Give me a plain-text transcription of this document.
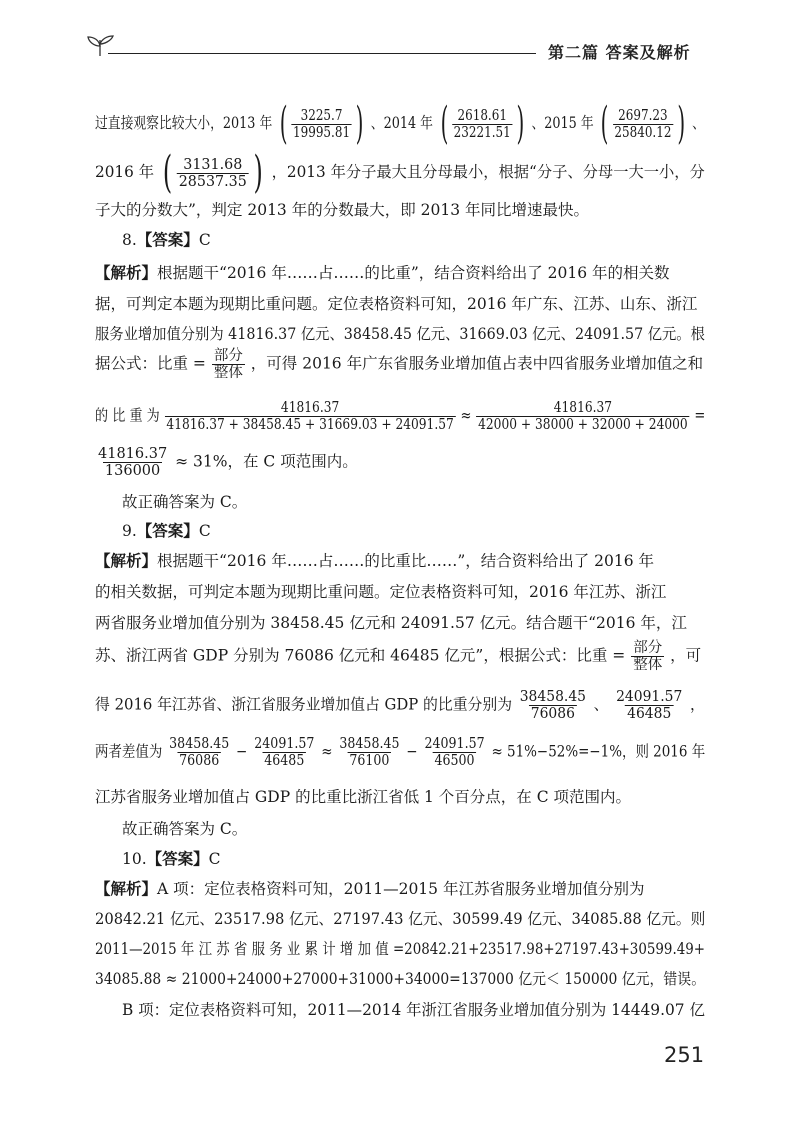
第二篇 答案及解析
过直接观察比较大小，2013 年 ( $\frac{3225.7}{19995.81}$ ) 、2014 年 ( $\frac{2618.61}{23221.51}$ ) 、2015 年 ( $\frac{2697.23}{25840.12}$ ) 、
2016 年 ( $\frac{3131.68}{28537.35}$ ) ，2013 年分子最大且分母最小，根据“分子、分母一大一小，分
子大的分数大”，判定 2013 年的分数最大，即 2013 年同比增速最快。
8.【答案】C
【解析】根据题干“2016 年……占……的比重”，结合资料给出了 2016 年的相关数
据，可判定本题为现期比重问题。定位表格资料可知，2016 年广东、江苏、山东、浙江
服务业增加值分别为 41816.37 亿元、38458.45 亿元、31669.03 亿元、24091.57 亿元。根
据公式：比重 = $\frac{\text{部分}}{\text{整体}}$ ，可得 2016 年广东省服务业增加值占表中四省服务业增加值之和
的 比 重 为 $\frac{41816.37}{41816.37 + 38458.45 + 31669.03 + 24091.57} \approx \frac{41816.37}{42000 + 38000 + 32000 + 24000}$ =
$\frac{41816.37}{136000} \approx 31\%$，在 C 项范围内。
故正确答案为 C。
9.【答案】C
【解析】根据题干“2016 年……占……的比重比……”，结合资料给出了 2016 年
的相关数据，可判定本题为现期比重问题。定位表格资料可知，2016 年江苏、浙江
两省服务业增加值分别为 38458.45 亿元和 24091.57 亿元。结合题干“2016 年，江
苏、浙江两省 GDP 分别为 76086 亿元和 46485 亿元”，根据公式：比重 = $\frac{\text{部分}}{\text{整体}}$ ，可
得 2016 年江苏省、浙江省服务业增加值占 GDP 的比重分别为 $\frac{38458.45}{76086}$ 、 $\frac{24091.57}{46485}$ ，
两者差值为 $\frac{38458.45}{76086} - \frac{24091.57}{46485} \approx \frac{38458.45}{76100} - \frac{24091.57}{46500} \approx 51\%-52\%=-1\%$，则 2016 年
江苏省服务业增加值占 GDP 的比重比浙江省低 1 个百分点，在 C 项范围内。
故正确答案为 C。
10.【答案】C
【解析】A 项：定位表格资料可知，2011—2015 年江苏省服务业增加值分别为
20842.21 亿元、23517.98 亿元、27197.43 亿元、30599.49 亿元、34085.88 亿元。则
2011—2015 年 江 苏 省 服 务 业 累 计 增 加 值 =20842.21+23517.98+27197.43+30599.49+
34085.88 ≈ 21000+24000+27000+31000+34000=137000 亿元＜ 150000 亿元，错误。
B 项：定位表格资料可知，2011—2014 年浙江省服务业增加值分别为 14449.07 亿
251
